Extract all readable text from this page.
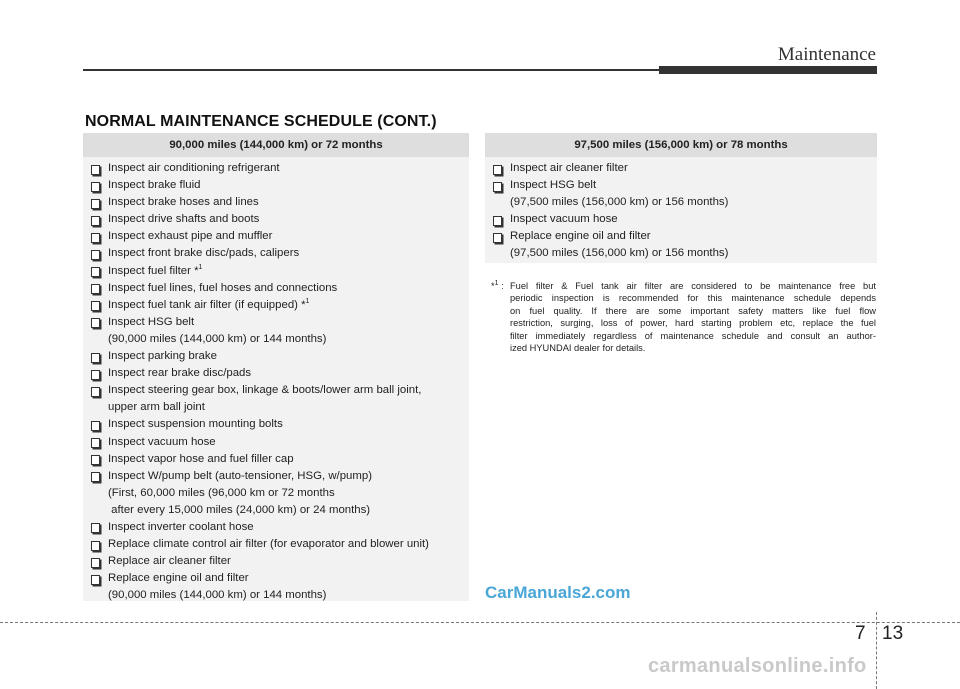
Maintenance
NORMAL MAINTENANCE SCHEDULE (CONT.)
90,000 miles (144,000 km) or 72 months
Inspect air conditioning refrigerant
Inspect brake fluid
Inspect brake hoses and lines
Inspect drive shafts and boots
Inspect exhaust pipe and muffler
Inspect front brake disc/pads, calipers
Inspect fuel filter *$^1$
Inspect fuel lines, fuel hoses and connections
Inspect fuel tank air filter (if equipped) *$^1$
Inspect HSG belt
(90,000 miles (144,000 km) or 144 months)
Inspect parking brake
Inspect rear brake disc/pads
Inspect steering gear box, linkage & boots/lower arm ball joint,
upper arm ball joint
Inspect suspension mounting bolts
Inspect vacuum hose
Inspect vapor hose and fuel filler cap
Inspect W/pump belt (auto-tensioner, HSG, w/pump)
(First, 60,000 miles (96,000 km or 72 months
after every 15,000 miles (24,000 km) or 24 months)
Inspect inverter coolant hose
Replace climate control air filter (for evaporator and blower unit)
Replace air cleaner filter
Replace engine oil and filter
(90,000 miles (144,000 km) or 144 months)
97,500 miles (156,000 km) or 78 months
Inspect air cleaner filter
Inspect HSG belt
(97,500 miles (156,000 km) or 156 months)
Inspect vacuum hose
Replace engine oil and filter
(97,500 miles (156,000 km) or 156 months)
*$^1$ : Fuel filter & Fuel tank air filter are considered to be maintenance free but
periodic inspection is recommended for this maintenance schedule depends
on fuel quality. If there are some important safety matters like fuel flow
restriction, surging, loss of power, hard starting problem etc, replace the fuel
filter immediately regardless of maintenance schedule and consult an author-
ized HYUNDAI dealer for details.
CarManuals2.com
7 13
carmanualsonline.info
